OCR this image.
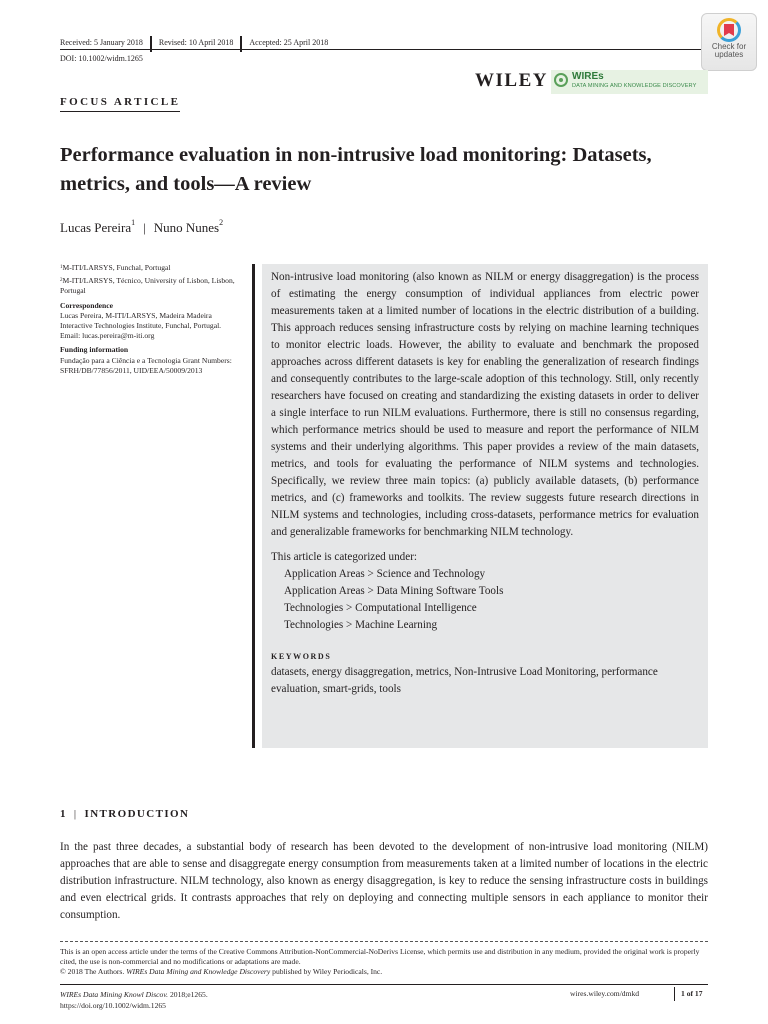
Received: 5 January 2018 Revised: 10 April 2018 Accepted: 25 April 2018
DOI: 10.1002/widm.1265
Check for
updates
WILEY WIREs
DATA MINING AND KNOWLEDGE DISCOVERY
FOCUS ARTICLE
Performance evaluation in non-intrusive load monitoring: Datasets, metrics, and tools—A review
Lucas Pereira$^1$ | Nuno Nunes$^2$

$^1$M-ITI/LARSYS, Funchal, Portugal

$^2$M-ITI/LARSYS, Técnico, University of Lisbon, Lisbon, Portugal

Correspondence

Lucas Pereira, M-ITI/LARSYS, Madeira Madeira Interactive Technologies Institute, Funchal, Portugal.

Email: lucas.pereira@m-iti.org

Funding information

Fundação para a Ciência e a Tecnologia Grant Numbers: SFRH/DB/77856/2011, UID/EEA/50009/2013

Non-intrusive load monitoring (also known as NILM or energy disaggregation) is the process of estimating the energy consumption of individual appliances from electric power measurements taken at a limited number of locations in the electric distribution of a building. This approach reduces sensing infrastructure costs by relying on machine learning techniques to monitor electric loads. However, the ability to evaluate and benchmark the proposed approaches across different datasets is key for enabling the generalization of research findings and consequently contributes to the large-scale adoption of this technology. Still, only recently researchers have focused on creating and standardizing the existing datasets in order to deliver a single interface to run NILM evaluations. Furthermore, there is still no consensus regarding, which performance metrics should be used to measure and report the performance of NILM systems and their underlying algorithms. This paper provides a review of the main datasets, metrics, and tools for evaluating the performance of NILM systems and technologies. Specifically, we review three main topics: (a) publicly available datasets, (b) performance metrics, and (c) frameworks and toolkits. The review suggests future research directions in NILM systems and technologies, including cross-datasets, performance metrics for evaluation and generalizable frameworks for benchmarking NILM technology.

This article is categorized under:

Application Areas > Science and Technology
Application Areas > Data Mining Software Tools
Technologies > Computational Intelligence
Technologies > Machine Learning

KEYWORDS

datasets, energy disaggregation, metrics, Non-Intrusive Load Monitoring, performance evaluation, smart-grids, tools

1 | INTRODUCTION

In the past three decades, a substantial body of research has been devoted to the development of non-intrusive load monitoring (NILM) approaches that are able to sense and disaggregate energy consumption from measurements taken at a limited number of locations in the electric distribution infrastructure. NILM technology, also known as energy disaggregation, is key to reduce the sensing infrastructure costs in buildings and even electrical grids. It contrasts approaches that rely on deploying and connecting multiple sensors in each appliance to monitor their consumption.

This is an open access article under the terms of the Creative Commons Attribution-NonCommercial-NoDerivs License, which permits use and distribution in any medium, provided the original work is properly cited, the use is non-commercial and no modifications or adaptations are made.

© 2018 The Authors. WIREs Data Mining and Knowledge Discovery published by Wiley Periodicals, Inc.

WIREs Data Mining Knowl Discov. 2018;e1265.
https://doi.org/10.1002/widm.1265
wires.wiley.com/dmkd	1 of 17
